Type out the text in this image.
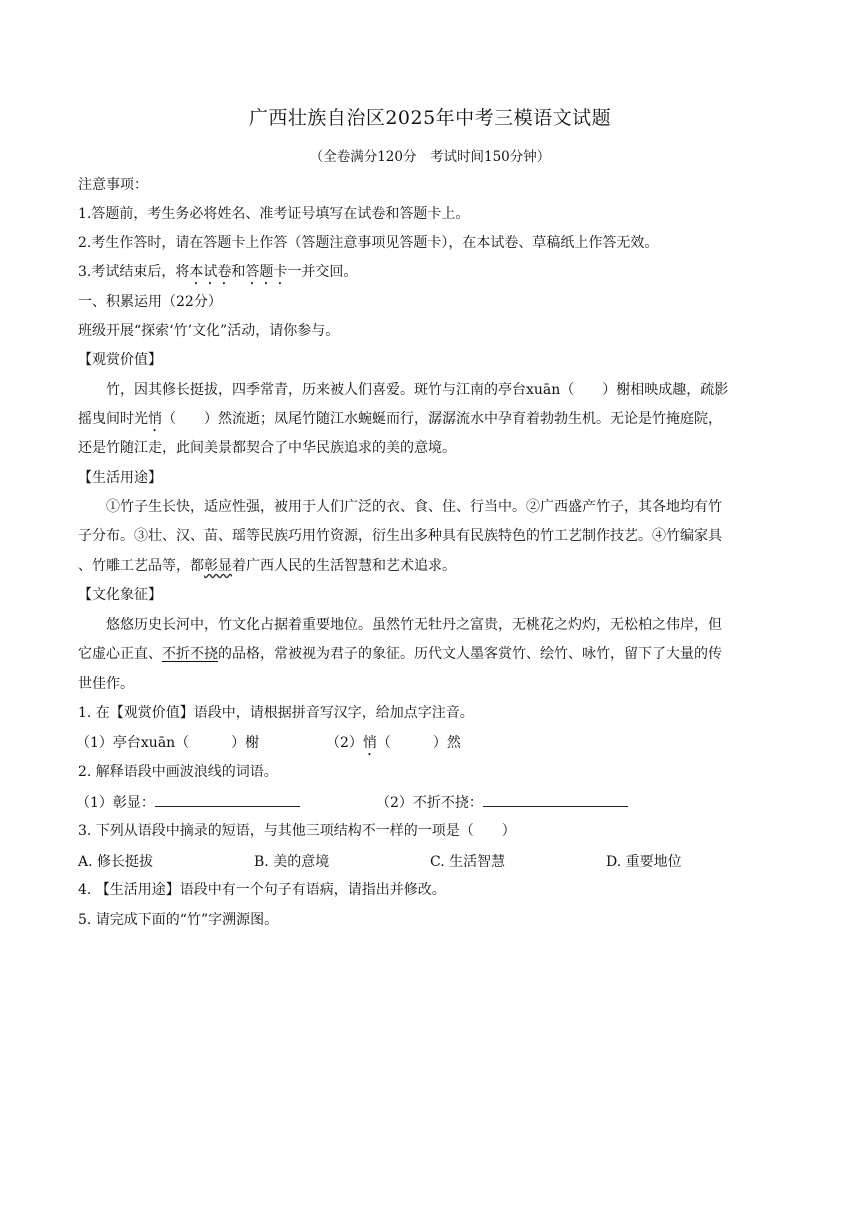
广西壮族自治区2025年中考三模语文试题
（全卷满分120分　考试时间150分钟）
注意事项：
1.答题前，考生务必将姓名、准考证号填写在试卷和答题卡上。
2.考生作答时，请在答题卡上作答（答题注意事项见答题卡），在本试卷、草稿纸上作答无效。
3.考试结束后，将本试卷和答题卡一并交回。
一、积累运用（22分）
班级开展“探索‘竹’文化”活动，请你参与。
【观赏价值】
竹，因其修长挺拔，四季常青，历来被人们喜爱。斑竹与江南的亭台xuān（　　）榭相映成趣，疏影
摇曳间时光悄（　　）然流逝；凤尾竹随江水蜿蜒而行，潺潺流水中孕育着勃勃生机。无论是竹掩庭院，
还是竹随江走，此间美景都契合了中华民族追求的美的意境。
【生活用途】
①竹子生长快，适应性强，被用于人们广泛的衣、食、住、行当中。②广西盛产竹子，其各地均有竹
子分布。③壮、汉、苗、瑶等民族巧用竹资源，衍生出多种具有民族特色的竹工艺制作技艺。④竹编家具
、竹雕工艺品等，都彰显着广西人民的生活智慧和艺术追求。
【文化象征】
悠悠历史长河中，竹文化占据着重要地位。虽然竹无牡丹之富贵，无桃花之灼灼，无松柏之伟岸，但
它虚心正直、不折不挠的品格，常被视为君子的象征。历代文人墨客赏竹、绘竹、咏竹，留下了大量的传
世佳作。
1. 在【观赏价值】语段中，请根据拼音写汉字，给加点字注音。
（1）亭台xuān（　　　）榭	（2）悄（　　　）然
2. 解释语段中画波浪线的词语。
（1）彰显：	（2）不折不挠：
3. 下列从语段中摘录的短语，与其他三项结构不一样的一项是（　　）
A. 修长挺拔	B. 美的意境	C. 生活智慧	D. 重要地位
4. 【生活用途】语段中有一个句子有语病，请指出并修改。
5. 请完成下面的“竹”字溯源图。
